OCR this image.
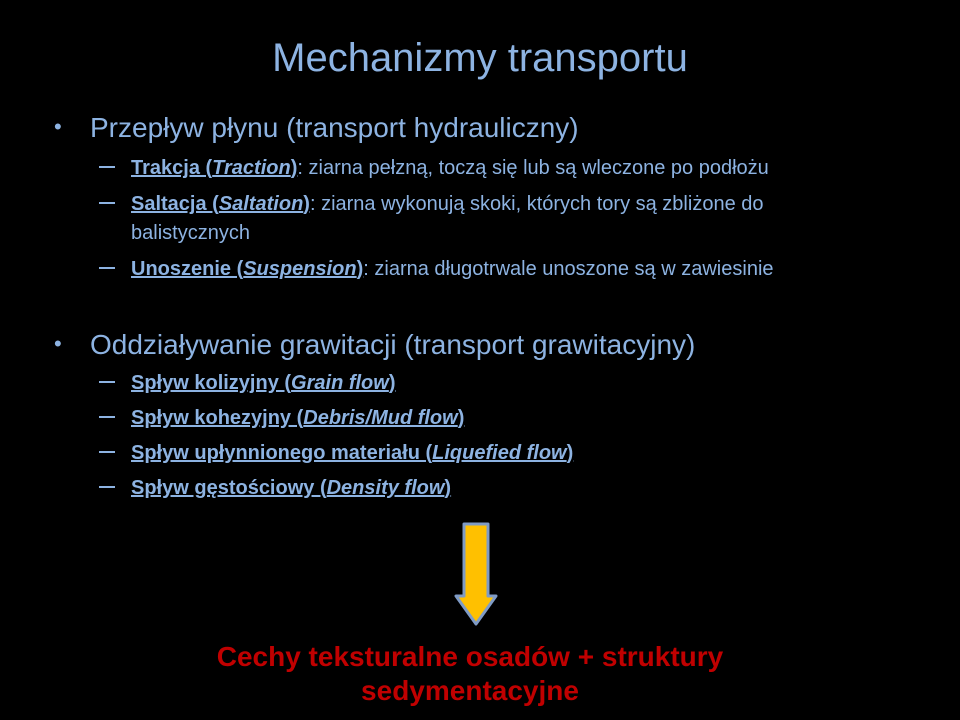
Mechanizmy transportu
• Przepływ płynu (transport hydrauliczny)
Trakcja (Traction): ziarna pełzną, toczą się lub są wleczone po podłożu
Saltacja (Saltation): ziarna wykonują skoki, których tory są zbliżone do
balistycznych
Unoszenie (Suspension): ziarna długotrwale unoszone są w zawiesinie
• Oddziaływanie grawitacji (transport grawitacyjny)
Spływ kolizyjny (Grain flow)
Spływ kohezyjny (Debris/Mud flow)
Spływ upłynnionego materiału (Liquefied flow)
Spływ gęstościowy (Density flow)
Cechy teksturalne osadów + struktury
sedymentacyjne
